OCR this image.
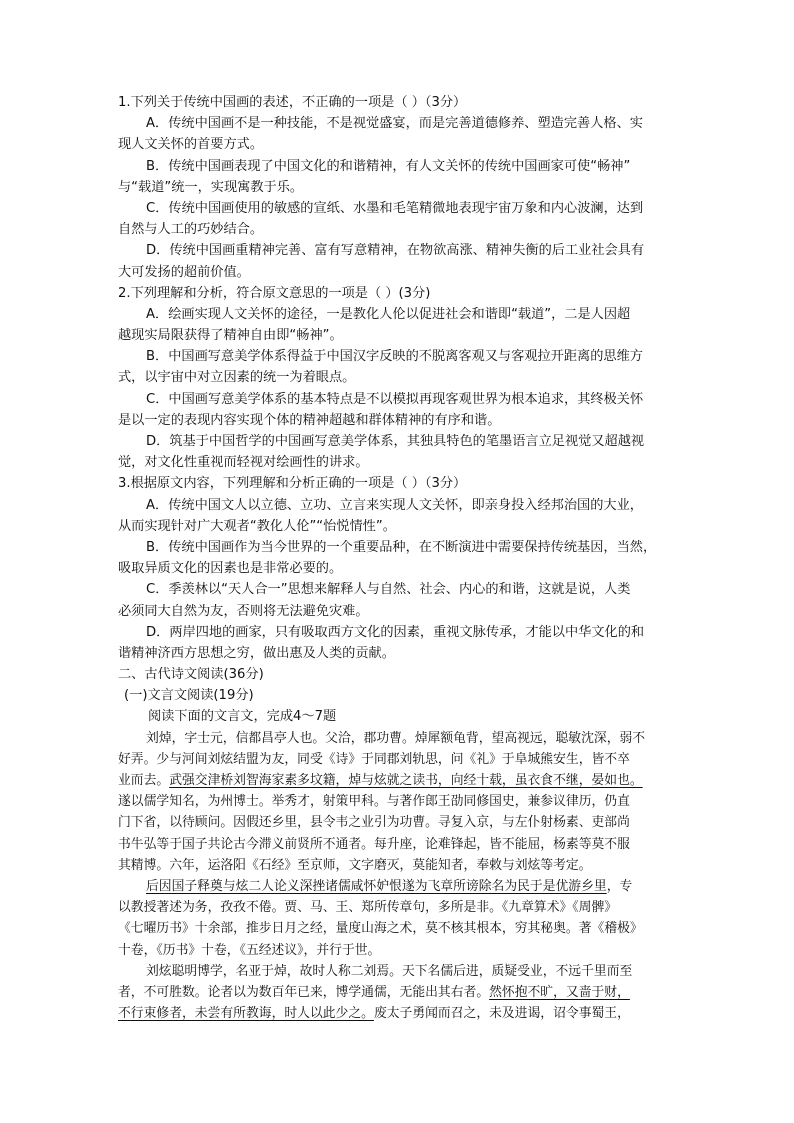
1.下列关于传统中国画的表述，不正确的一项是（ ）（3分）
A．传统中国画不是一种技能，不是视觉盛宴，而是完善道德修养、塑造完善人格、实
现人文关怀的首要方式。
B．传统中国画表现了中国文化的和谐精神，有人文关怀的传统中国画家可使“畅神”
与“载道”统一，实现寓教于乐。
C．传统中国画使用的敏感的宣纸、水墨和毛笔精微地表现宇宙万象和内心波澜，达到
自然与人工的巧妙结合。
D．传统中国画重精神完善、富有写意精神，在物欲高涨、精神失衡的后工业社会具有
大可发扬的超前价值。
2.下列理解和分析，符合原文意思的一项是（ ）(3分)
A．绘画实现人文关怀的途径，一是教化人伦以促进社会和谐即“载道”，二是人因超
越现实局限获得了精神自由即“畅神”。
B．中国画写意美学体系得益于中国汉字反映的不脱离客观又与客观拉开距离的思维方
式，以宇宙中对立因素的统一为着眼点。
C．中国画写意美学体系的基本特点是不以模拟再现客观世界为根本追求，其终极关怀
是以一定的表现内容实现个体的精神超越和群体精神的有序和谐。
D．筑基于中国哲学的中国画写意美学体系，其独具特色的笔墨语言立足视觉又超越视
觉，对文化性重视而轻视对绘画性的讲求。
3.根据原文内容，下列理解和分析正确的一项是（ ）（3分）
A．传统中国文人以立德、立功、立言来实现人文关怀，即亲身投入经邦治国的大业，
从而实现针对广大观者“教化人伦”“怡悦情性”。
B．传统中国画作为当今世界的一个重要品种，在不断演进中需要保持传统基因，当然，
吸取异质文化的因素也是非常必要的。
C．季羡林以“天人合一”思想来解释人与自然、社会、内心的和谐，这就是说，人类
必须同大自然为友，否则将无法避免灾难。
D．两岸四地的画家，只有吸取西方文化的因素，重视文脉传承，才能以中华文化的和
谐精神济西方思想之穷，做出惠及人类的贡献。
二、古代诗文阅读(36分)
(一)文言文阅读(19分)
阅读下面的文言文，完成4～7题
刘焯，字士元，信都昌亭人也。父洽，郡功曹。焯犀额龟背，望高视远，聪敏沈深，弱不
好弄。少与河间刘炫结盟为友，同受《诗》于同郡刘轨思，问《礼》于阜城熊安生，皆不卒
业而去。武强交津桥刘智海家素多坟籍，焯与炫就之读书，向经十载，虽衣食不继，晏如也。
遂以儒学知名，为州博士。举秀才，射策甲科。与著作郎王劭同修国史，兼参议律历，仍直
门下省，以待顾问。因假还乡里，县令韦之业引为功曹。寻复入京，与左仆射杨素、吏部尚
书牛弘等于国子共论古今滞义前贤所不通者。每升座，论难锋起，皆不能屈，杨素等莫不服
其精博。六年，运洛阳《石经》至京师，文字磨灭，莫能知者，奉敕与刘炫等考定。
后因国子释奠与炫二人论义深挫诸儒咸怀妒恨遂为飞章所谤除名为民于是优游乡里，专
以教授著述为务，孜孜不倦。贾、马、王、郑所传章句，多所是非。《九章算术》《周髀》
《七曜历书》十余部，推步日月之经，量度山海之术，莫不核其根本，穷其秘奥。著《稽极》
十卷，《历书》十卷，《五经述议》，并行于世。
刘炫聪明博学，名亚于焯，故时人称二刘焉。天下名儒后进，质疑受业，不远千里而至
者，不可胜数。论者以为数百年已来，博学通儒，无能出其右者。然怀抱不旷，又啬于财，
不行束修者，未尝有所教诲，时人以此少之。废太子勇闻而召之，未及进谒，诏令事蜀王，
